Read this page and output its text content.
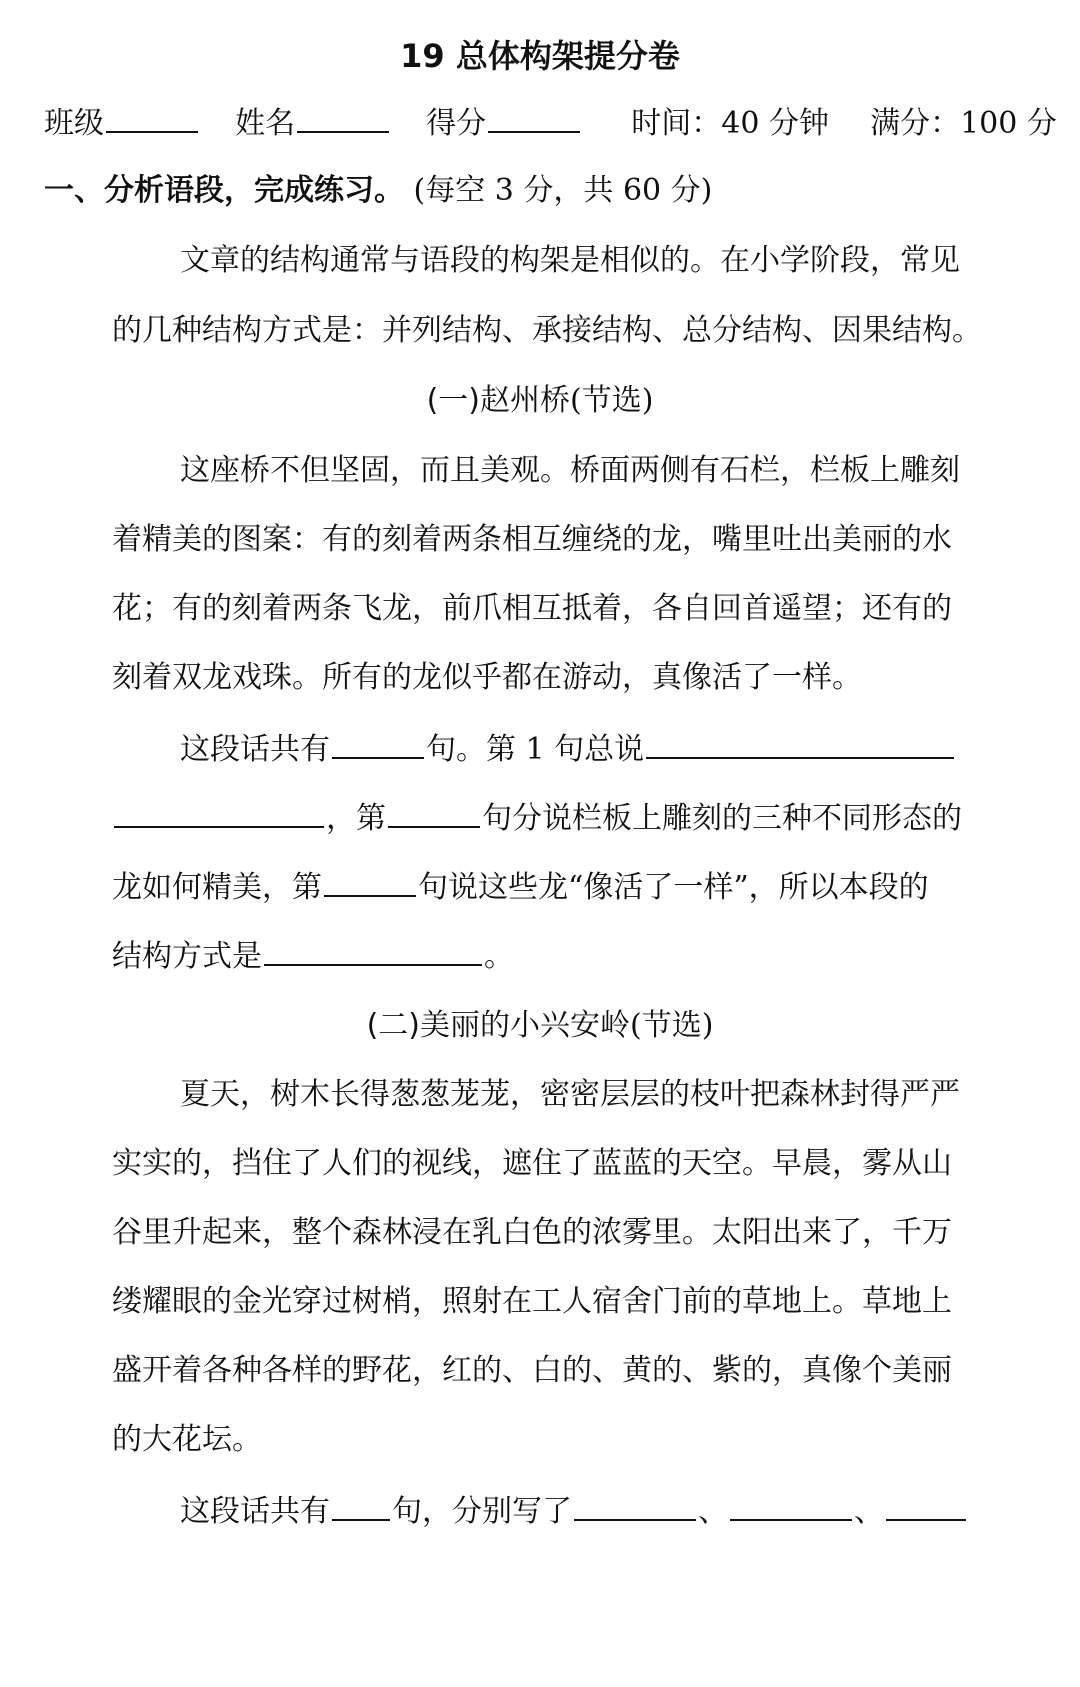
19 总体构架提分卷
班级	姓名	得分	时间：40 分钟 满分：100 分
一、分析语段，完成练习。 (每空 3 分，共 60 分)
文章的结构通常与语段的构架是相似的。在小学阶段，常见
的几种结构方式是：并列结构、承接结构、总分结构、因果结构。
(一)赵州桥(节选)
这座桥不但坚固，而且美观。桥面两侧有石栏，栏板上雕刻
着精美的图案：有的刻着两条相互缠绕的龙，嘴里吐出美丽的水
花；有的刻着两条飞龙，前爪相互抵着，各自回首遥望；还有的
刻着双龙戏珠。所有的龙似乎都在游动，真像活了一样。
这段话共有	句。第 1 句总说
，第	句分说栏板上雕刻的三种不同形态的
龙如何精美，第	句说这些龙“像活了一样”，所以本段的
结构方式是	。
(二)美丽的小兴安岭(节选)
夏天，树木长得葱葱茏茏，密密层层的枝叶把森林封得严严
实实的，挡住了人们的视线，遮住了蓝蓝的天空。早晨，雾从山
谷里升起来，整个森林浸在乳白色的浓雾里。太阳出来了，千万
缕耀眼的金光穿过树梢，照射在工人宿舍门前的草地上。草地上
盛开着各种各样的野花，红的、白的、黄的、紫的，真像个美丽
的大花坛。
这段话共有 句，分别写了	、	、
